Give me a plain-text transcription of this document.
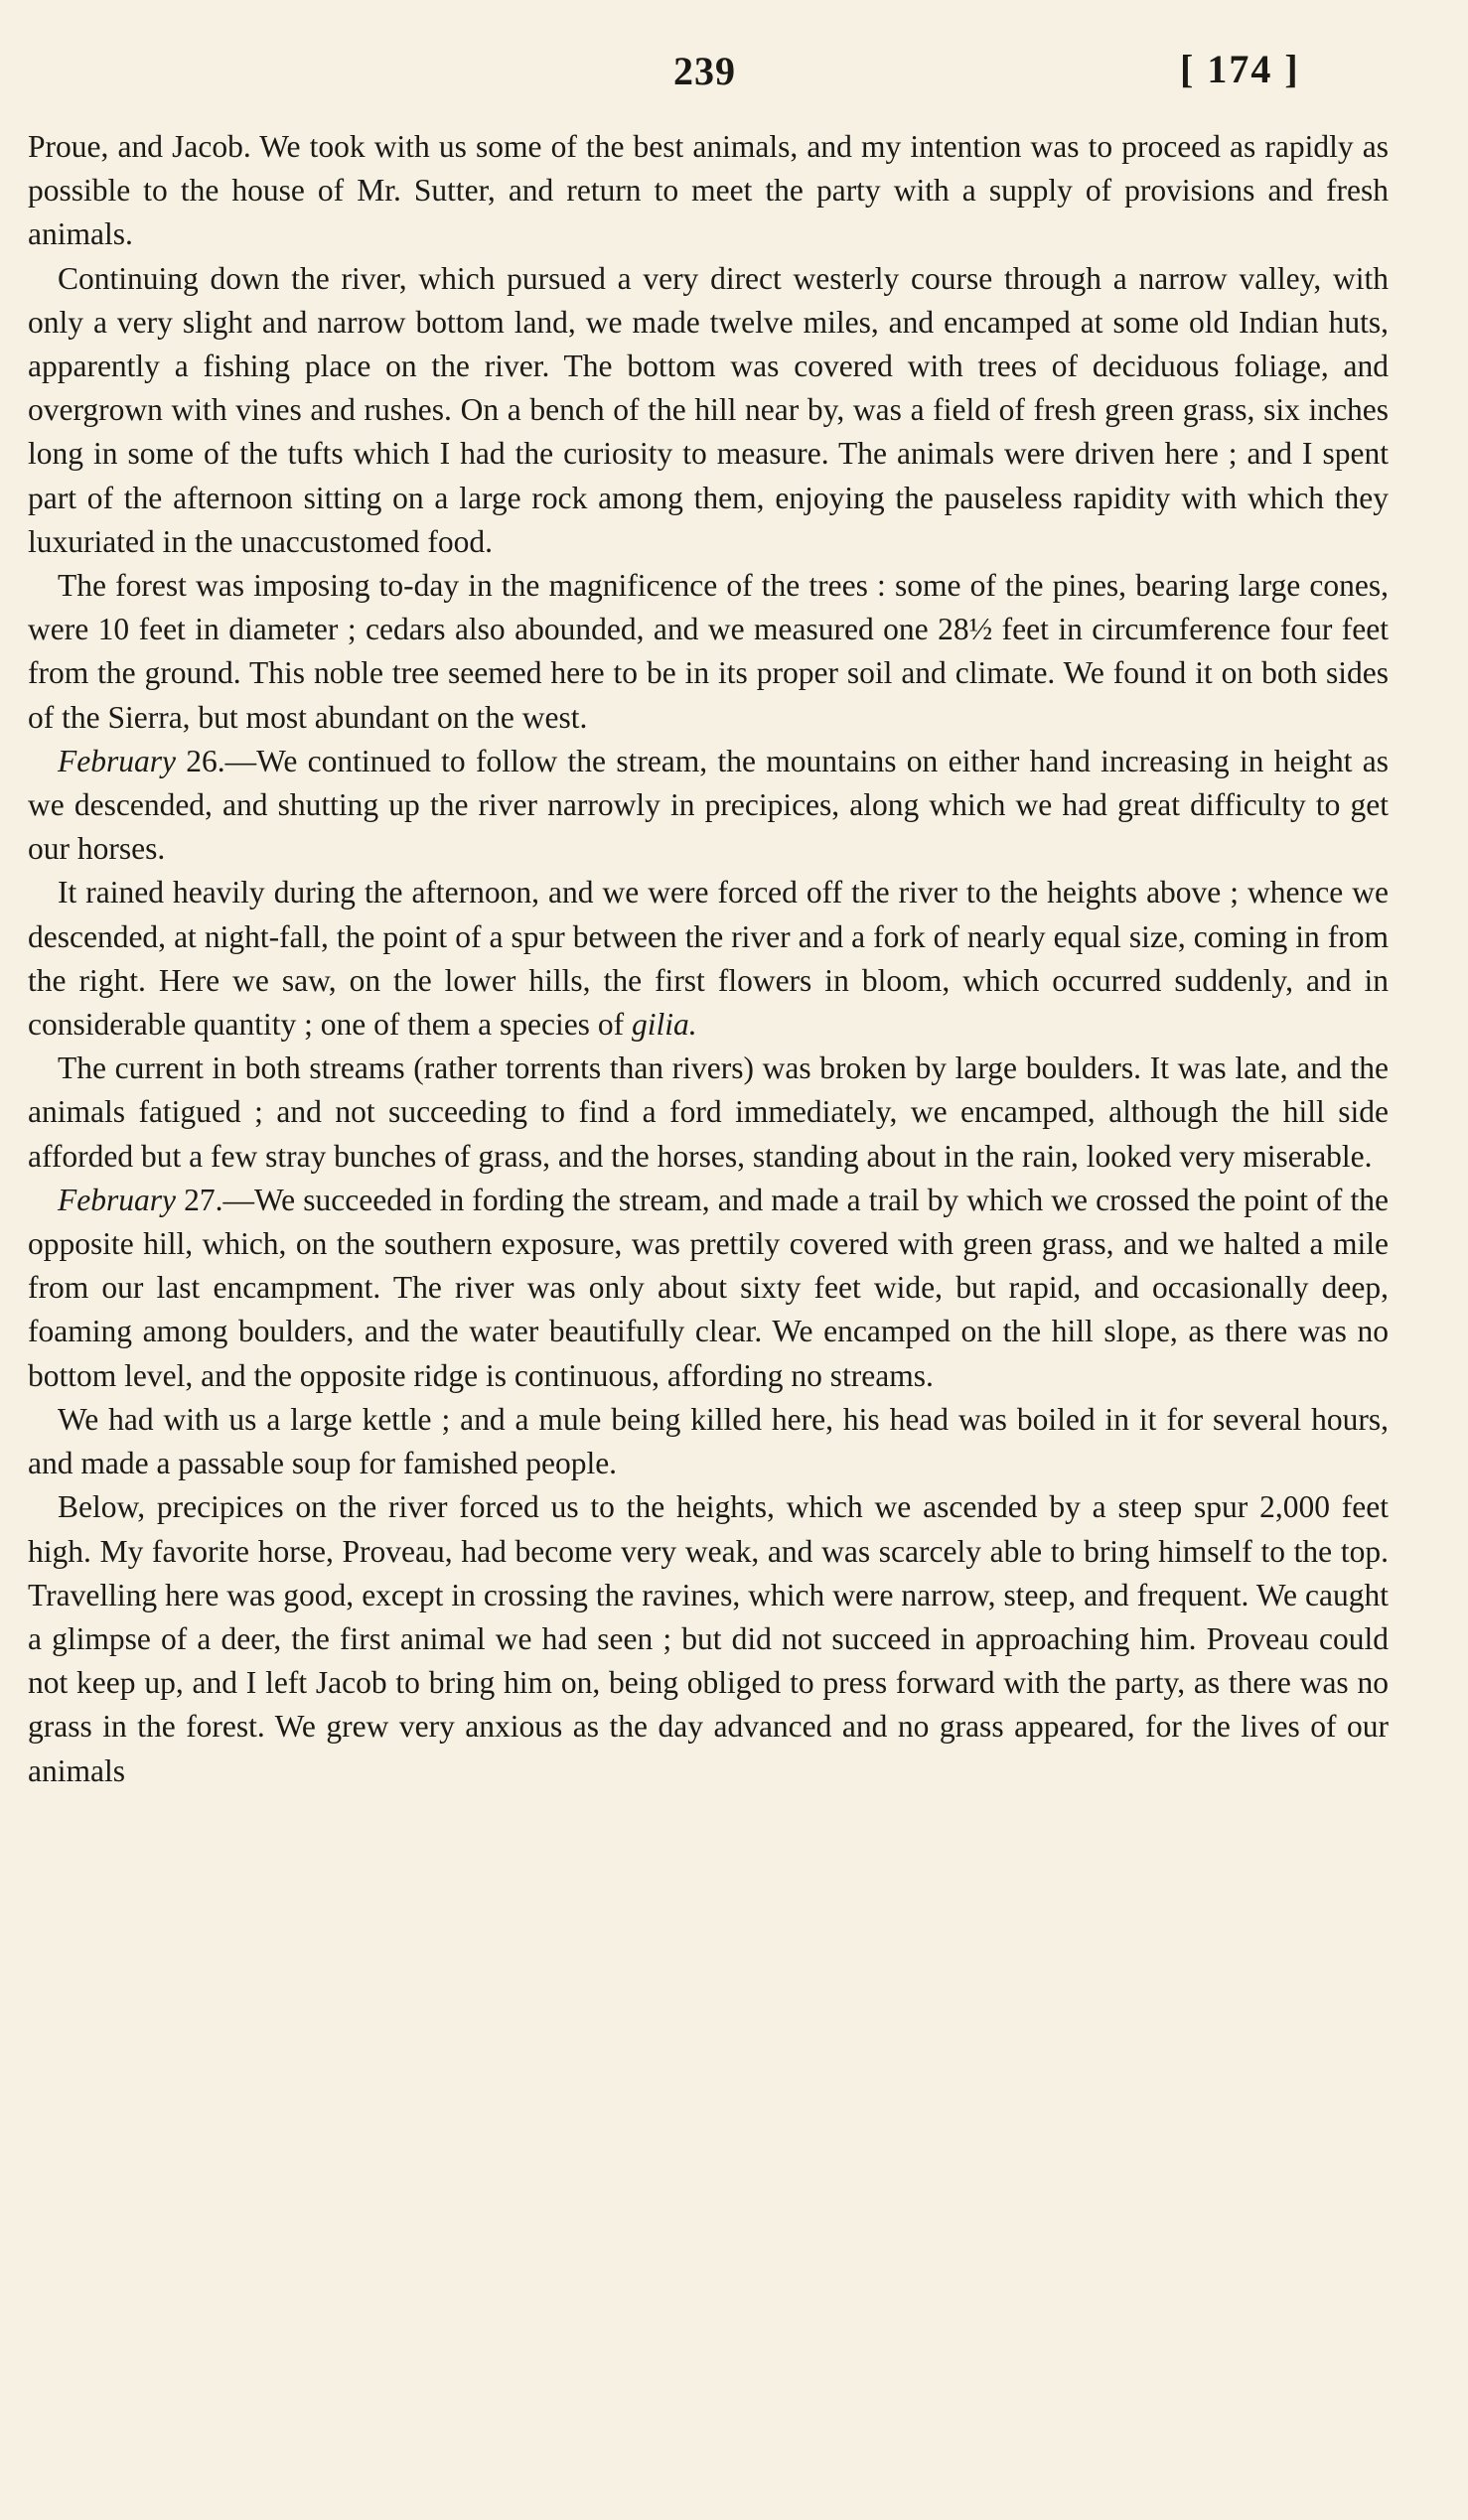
239	[ 174 ]

Proue, and Jacob. We took with us some of the best animals, and my intention was to proceed as rapidly as possible to the house of Mr. Sutter, and return to meet the party with a supply of provisions and fresh animals.

Continuing down the river, which pursued a very direct westerly course through a narrow valley, with only a very slight and narrow bottom land, we made twelve miles, and encamped at some old Indian huts, apparently a fishing place on the river. The bottom was covered with trees of deciduous foliage, and overgrown with vines and rushes. On a bench of the hill near by, was a field of fresh green grass, six inches long in some of the tufts which I had the curiosity to measure. The animals were driven here ; and I spent part of the afternoon sitting on a large rock among them, enjoying the pauseless rapidity with which they luxuriated in the unaccustomed food.

The forest was imposing to-day in the magnificence of the trees : some of the pines, bearing large cones, were 10 feet in diameter ; cedars also abounded, and we measured one 28½ feet in circumference four feet from the ground. This noble tree seemed here to be in its proper soil and climate. We found it on both sides of the Sierra, but most abundant on the west.

February 26.—We continued to follow the stream, the mountains on either hand increasing in height as we descended, and shutting up the river narrowly in precipices, along which we had great difficulty to get our horses.

It rained heavily during the afternoon, and we were forced off the river to the heights above ; whence we descended, at night-fall, the point of a spur between the river and a fork of nearly equal size, coming in from the right. Here we saw, on the lower hills, the first flowers in bloom, which occurred suddenly, and in considerable quantity ; one of them a species of gilia.

The current in both streams (rather torrents than rivers) was broken by large boulders. It was late, and the animals fatigued ; and not succeeding to find a ford immediately, we encamped, although the hill side afforded but a few stray bunches of grass, and the horses, standing about in the rain, looked very miserable.

February 27.—We succeeded in fording the stream, and made a trail by which we crossed the point of the opposite hill, which, on the southern exposure, was prettily covered with green grass, and we halted a mile from our last encampment. The river was only about sixty feet wide, but rapid, and occasionally deep, foaming among boulders, and the water beautifully clear. We encamped on the hill slope, as there was no bottom level, and the opposite ridge is continuous, affording no streams.

We had with us a large kettle ; and a mule being killed here, his head was boiled in it for several hours, and made a passable soup for famished people.

Below, precipices on the river forced us to the heights, which we ascended by a steep spur 2,000 feet high. My favorite horse, Proveau, had become very weak, and was scarcely able to bring himself to the top. Travelling here was good, except in crossing the ravines, which were narrow, steep, and frequent. We caught a glimpse of a deer, the first animal we had seen ; but did not succeed in approaching him. Proveau could not keep up, and I left Jacob to bring him on, being obliged to press forward with the party, as there was no grass in the forest. We grew very anxious as the day advanced and no grass appeared, for the lives of our animals
